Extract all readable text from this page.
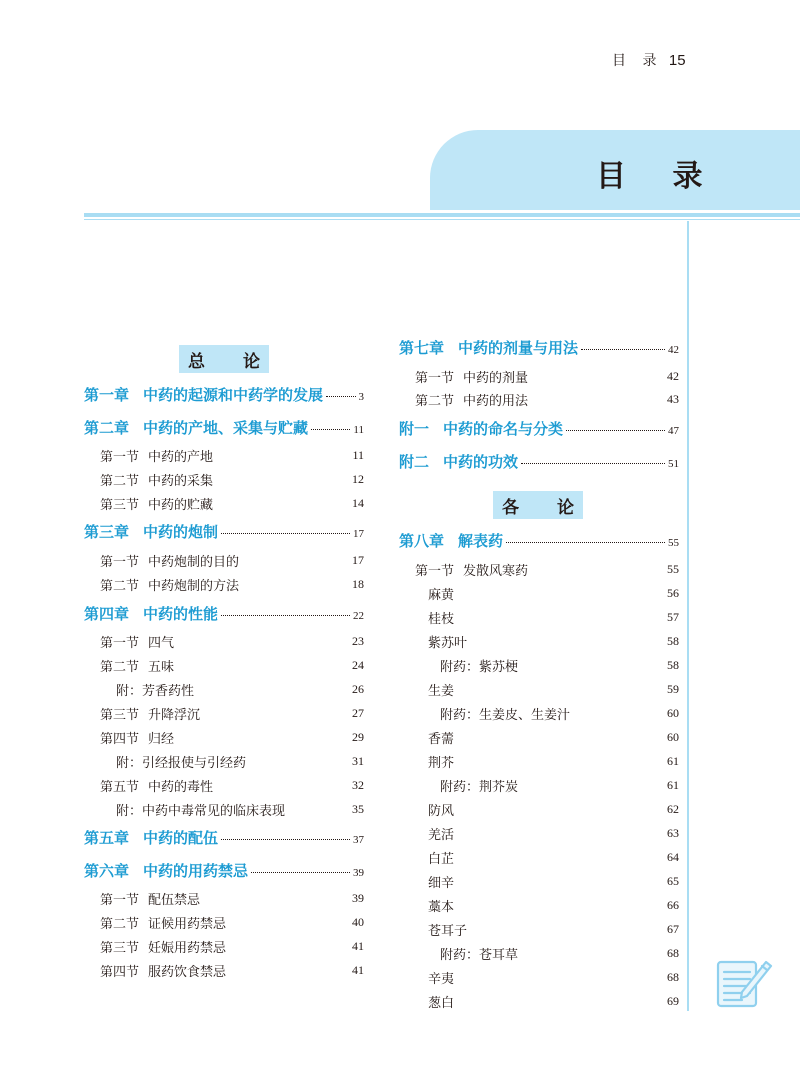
目 录 15
目 录
总 论
第一章 中药的起源和中药学的发展	3
第二章 中药的产地、采集与贮藏	11
第一节 中药的产地	11
第二节 中药的采集	12
第三节 中药的贮藏	14
第三章 中药的炮制	17
第一节 中药炮制的目的	17
第二节 中药炮制的方法	18
第四章 中药的性能	22
第一节 四气	23
第二节 五味	24
附：芳香药性	26
第三节 升降浮沉	27
第四节 归经	29
附：引经报使与引经药	31
第五节 中药的毒性	32
附：中药中毒常见的临床表现	35
第五章 中药的配伍	37
第六章 中药的用药禁忌	39
第一节 配伍禁忌	39
第二节 证候用药禁忌	40
第三节 妊娠用药禁忌	41
第四节 服药饮食禁忌	41
第七章 中药的剂量与用法	42
第一节 中药的剂量	42
第二节 中药的用法	43
附一 中药的命名与分类	47
附二 中药的功效	51
各 论
第八章 解表药	55
第一节 发散风寒药	55
麻黄	56
桂枝	57
紫苏叶	58
附药：紫苏梗	58
生姜	59
附药：生姜皮、生姜汁	60
香薷	60
荆芥	61
附药：荆芥炭	61
防风	62
羌活	63
白芷	64
细辛	65
藁本	66
苍耳子	67
附药：苍耳草	68
辛夷	68
葱白	69
